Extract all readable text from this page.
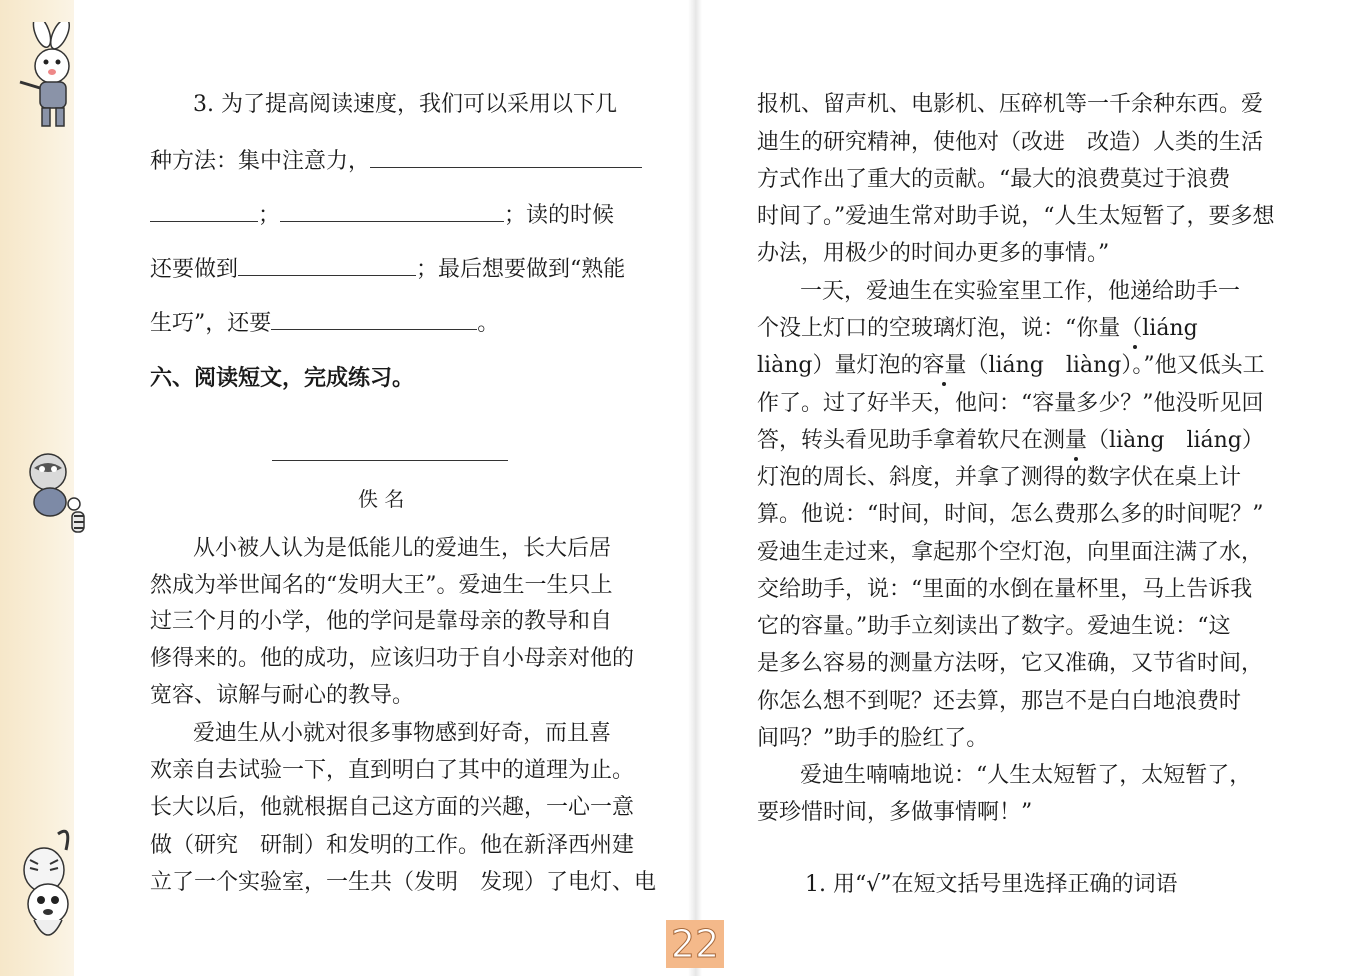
3. 为了提高阅读速度，我们可以采用以下几
种方法：集中注意力，
；	；读的时候
还要做到	；最后想要做到“熟能
生巧”，还要	。
六、阅读短文，完成练习。
佚 名
从小被人认为是低能儿的爱迪生，长大后居
然成为举世闻名的“发明大王”。爱迪生一生只上
过三个月的小学，他的学问是靠母亲的教导和自
修得来的。他的成功，应该归功于自小母亲对他的
宽容、谅解与耐心的教导。
爱迪生从小就对很多事物感到好奇，而且喜
欢亲自去试验一下，直到明白了其中的道理为止。
长大以后，他就根据自己这方面的兴趣，一心一意
做（研究　研制）和发明的工作。他在新泽西州建
立了一个实验室，一生共（发明　发现）了电灯、电
报机、留声机、电影机、压碎机等一千余种东西。爱
迪生的研究精神，使他对（改进　改造）人类的生活
方式作出了重大的贡献。“最大的浪费莫过于浪费
时间了。”爱迪生常对助手说，“人生太短暂了，要多想
办法，用极少的时间办更多的事情。”
一天，爱迪生在实验室里工作，他递给助手一
个没上灯口的空玻璃灯泡，说：“你量（liáng
liàng）量灯泡的容量（liáng　liàng）。”他又低头工
作了。过了好半天，他问：“容量多少？”他没听见回
答，转头看见助手拿着软尺在测量（liàng　liáng）
灯泡的周长、斜度，并拿了测得的数字伏在桌上计
算。他说：“时间，时间，怎么费那么多的时间呢？”
爱迪生走过来，拿起那个空灯泡，向里面注满了水，
交给助手，说：“里面的水倒在量杯里，马上告诉我
它的容量。”助手立刻读出了数字。爱迪生说：“这
是多么容易的测量方法呀，它又准确，又节省时间，
你怎么想不到呢？还去算，那岂不是白白地浪费时
间吗？”助手的脸红了。
爱迪生喃喃地说：“人生太短暂了，太短暂了，
要珍惜时间，多做事情啊！”
1. 用“√”在短文括号里选择正确的词语
22
